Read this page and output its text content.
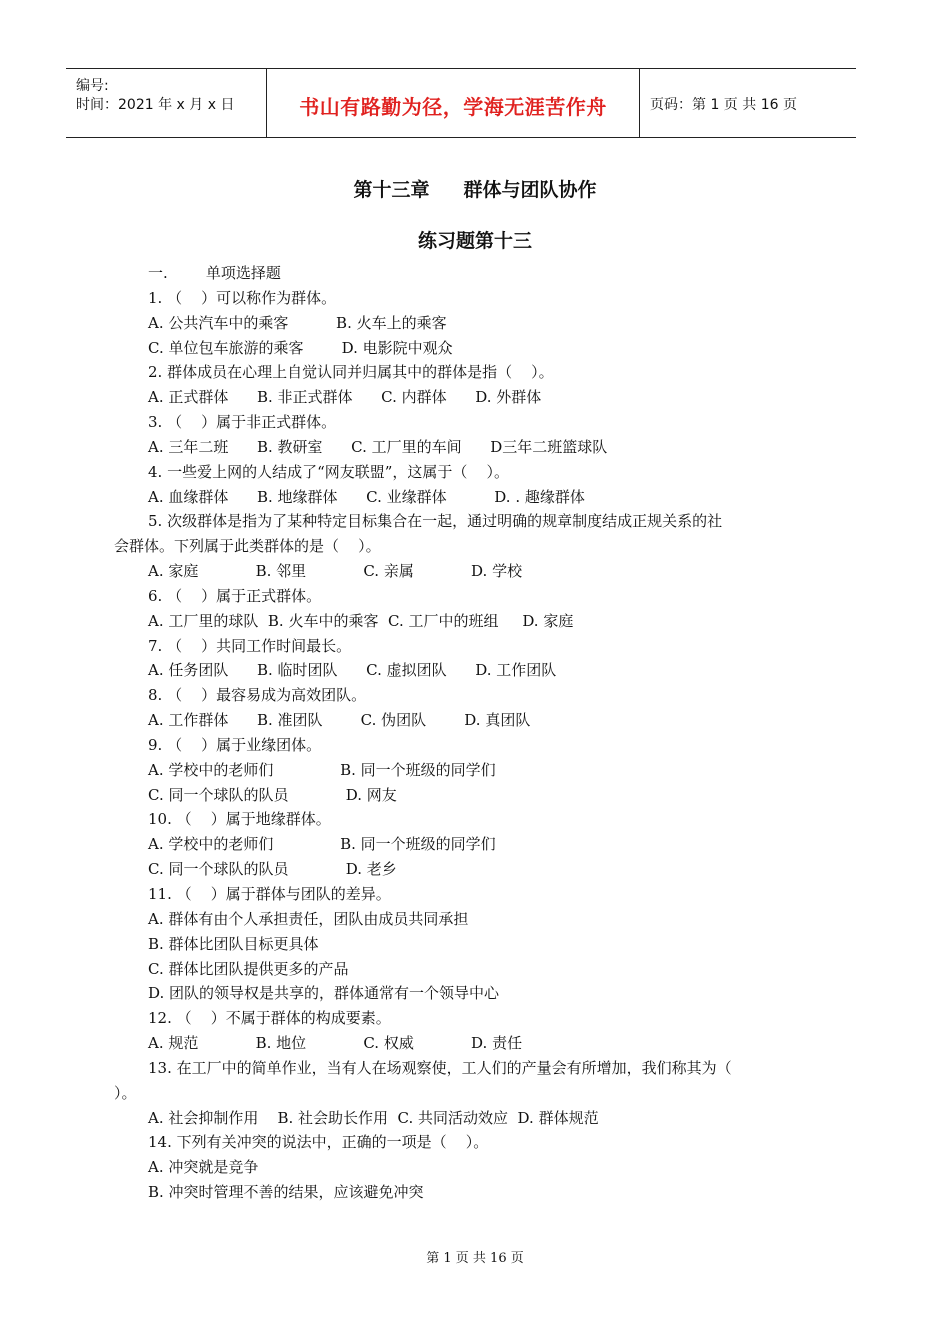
编号:
时间：2021 年 x 月 x 日	书山有路勤为径，学海无涯苦作舟	页码：第 1 页 共 16 页
第十三章 群体与团队协作
练习题第十三
一.        单项选择题
1. （    ）可以称作为群体。
A. 公共汽车中的乘客          B. 火车上的乘客
C. 单位包车旅游的乘客        D. 电影院中观众
2. 群体成员在心理上自觉认同并归属其中的群体是指（    ）。
A. 正式群体      B. 非正式群体      C. 内群体      D. 外群体
3. （    ）属于非正式群体。
A. 三年二班      B. 教研室      C. 工厂里的车间      D三年二班篮球队
4. 一些爱上网的人结成了“网友联盟”，这属于（    ）。
A. 血缘群体      B. 地缘群体      C. 业缘群体          D. . 趣缘群体
5. 次级群体是指为了某种特定目标集合在一起，通过明确的规章制度结成正规关系的社
会群体。下列属于此类群体的是（    ）。
A. 家庭            B. 邻里            C. 亲属            D. 学校
6. （    ）属于正式群体。
A. 工厂里的球队  B. 火车中的乘客  C. 工厂中的班组     D. 家庭
7. （    ）共同工作时间最长。
A. 任务团队      B. 临时团队      C. 虚拟团队      D. 工作团队
8. （    ）最容易成为高效团队。
A. 工作群体      B. 准团队        C. 伪团队        D. 真团队
9. （    ）属于业缘团体。
A. 学校中的老师们              B. 同一个班级的同学们
C. 同一个球队的队员            D. 网友
10. （    ）属于地缘群体。
A. 学校中的老师们              B. 同一个班级的同学们
C. 同一个球队的队员            D. 老乡
11. （    ）属于群体与团队的差异。
A. 群体有由个人承担责任，团队由成员共同承担
B. 群体比团队目标更具体
C. 群体比团队提供更多的产品
D. 团队的领导权是共享的，群体通常有一个领导中心
12. （    ）不属于群体的构成要素。
A. 规范            B. 地位            C. 权威            D. 责任
13. 在工厂中的简单作业，当有人在场观察使，工人们的产量会有所增加，我们称其为（
）。
A. 社会抑制作用    B. 社会助长作用  C. 共同活动效应  D. 群体规范
14. 下列有关冲突的说法中，正确的一项是（    ）。
A. 冲突就是竞争
B. 冲突时管理不善的结果，应该避免冲突
第 1 页 共 16 页
